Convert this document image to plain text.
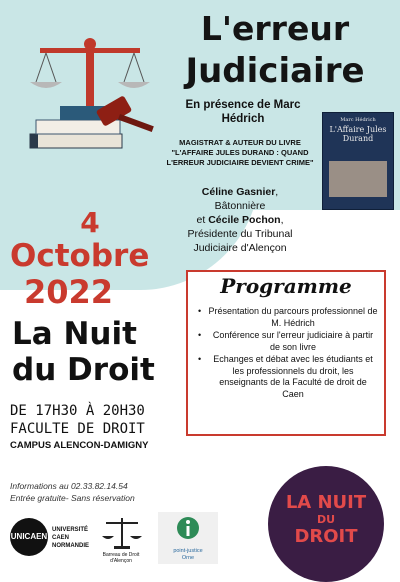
L'erreur
Judiciaire
En présence de Marc Hédrich
MAGISTRAT & AUTEUR DU LIVRE "L'AFFAIRE JULES DURAND : QUAND L'ERREUR JUDICIAIRE DEVIENT CRIME"
Marc Hédrich
L'Affaire Jules Durand
Céline Gasnier,
Bâtonnière
et Cécile Pochon,
Présidente du Tribunal
Judiciaire d'Alençon
4
Octobre
2022
La Nuit
du Droit
Programme
• Présentation du parcours professionnel de M. Hédrich
• Conférence sur l'erreur judiciaire à partir de son livre
• Echanges et débat avec les étudiants et les professionnels du droit, les enseignants de la Faculté de droit de Caen
DE 17H30 À 20H30
FACULTE DE DROIT
CAMPUS ALENCON-DAMIGNY
Informations au 02.33.82.14.54
Entrée gratuite- Sans réservation
UNICAEN
UNIVERSITÉ
CAEN
NORMANDIE
Barreau de Droit
d'Alençon
point-justice
Orne
LA NUIT
DU
DROIT
